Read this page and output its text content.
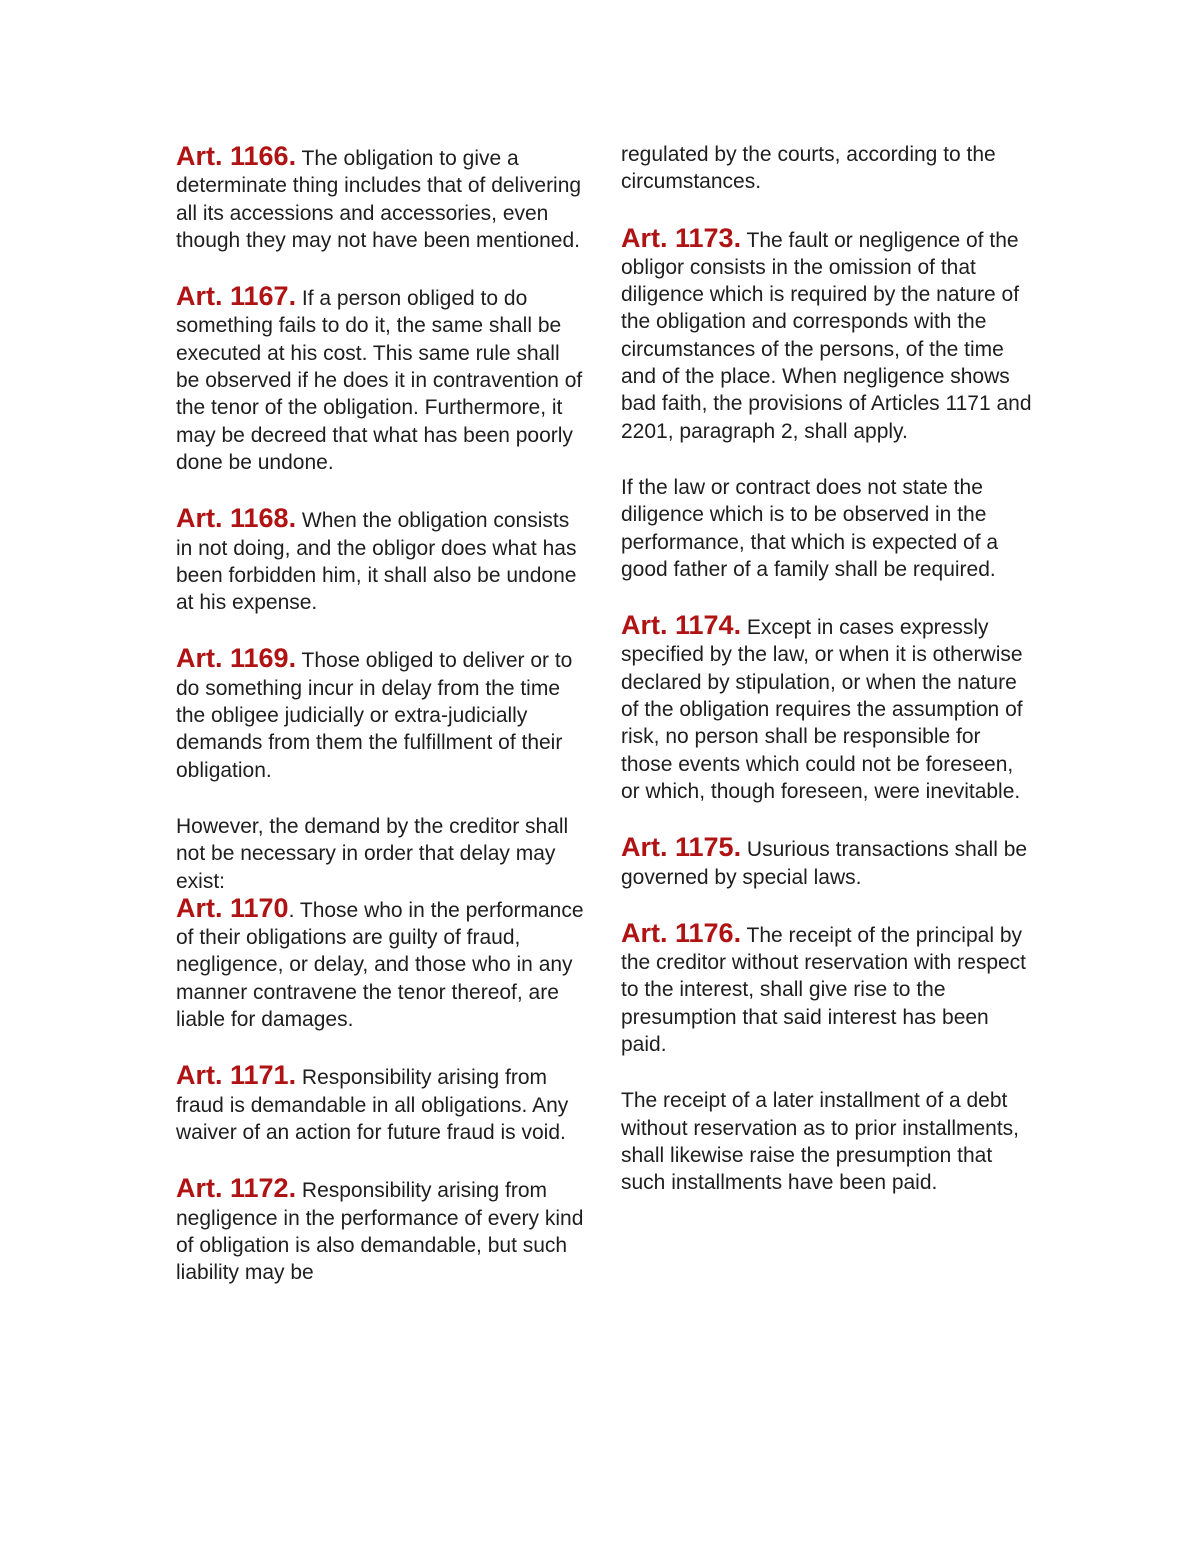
Art. 1166. The obligation to give a determinate thing includes that of delivering all its accessions and accessories, even though they may not have been mentioned.

Art. 1167. If a person obliged to do something fails to do it, the same shall be executed at his cost. This same rule shall be observed if he does it in contravention of the tenor of the obligation. Furthermore, it may be decreed that what has been poorly done be undone.

Art. 1168. When the obligation consists in not doing, and the obligor does what has been forbidden him, it shall also be undone at his expense.

Art. 1169. Those obliged to deliver or to do something incur in delay from the time the obligee judicially or extra-judicially demands from them the fulfillment of their obligation.

However, the demand by the creditor shall not be necessary in order that delay may exist:

Art. 1170. Those who in the performance of their obligations are guilty of fraud, negligence, or delay, and those who in any manner contravene the tenor thereof, are liable for damages.

Art. 1171. Responsibility arising from fraud is demandable in all obligations. Any waiver of an action for future fraud is void.

Art. 1172. Responsibility arising from negligence in the performance of every kind of obligation is also demandable, but such liability may be

regulated by the courts, according to the circumstances.

Art. 1173. The fault or negligence of the obligor consists in the omission of that diligence which is required by the nature of the obligation and corresponds with the circumstances of the persons, of the time and of the place. When negligence shows bad faith, the provisions of Articles 1171 and 2201, paragraph 2, shall apply.

If the law or contract does not state the diligence which is to be observed in the performance, that which is expected of a good father of a family shall be required.

Art. 1174. Except in cases expressly specified by the law, or when it is otherwise declared by stipulation, or when the nature of the obligation requires the assumption of risk, no person shall be responsible for those events which could not be foreseen, or which, though foreseen, were inevitable.

Art. 1175. Usurious transactions shall be governed by special laws.

Art. 1176. The receipt of the principal by the creditor without reservation with respect to the interest, shall give rise to the presumption that said interest has been paid.

The receipt of a later installment of a debt without reservation as to prior installments, shall likewise raise the presumption that such installments have been paid.
